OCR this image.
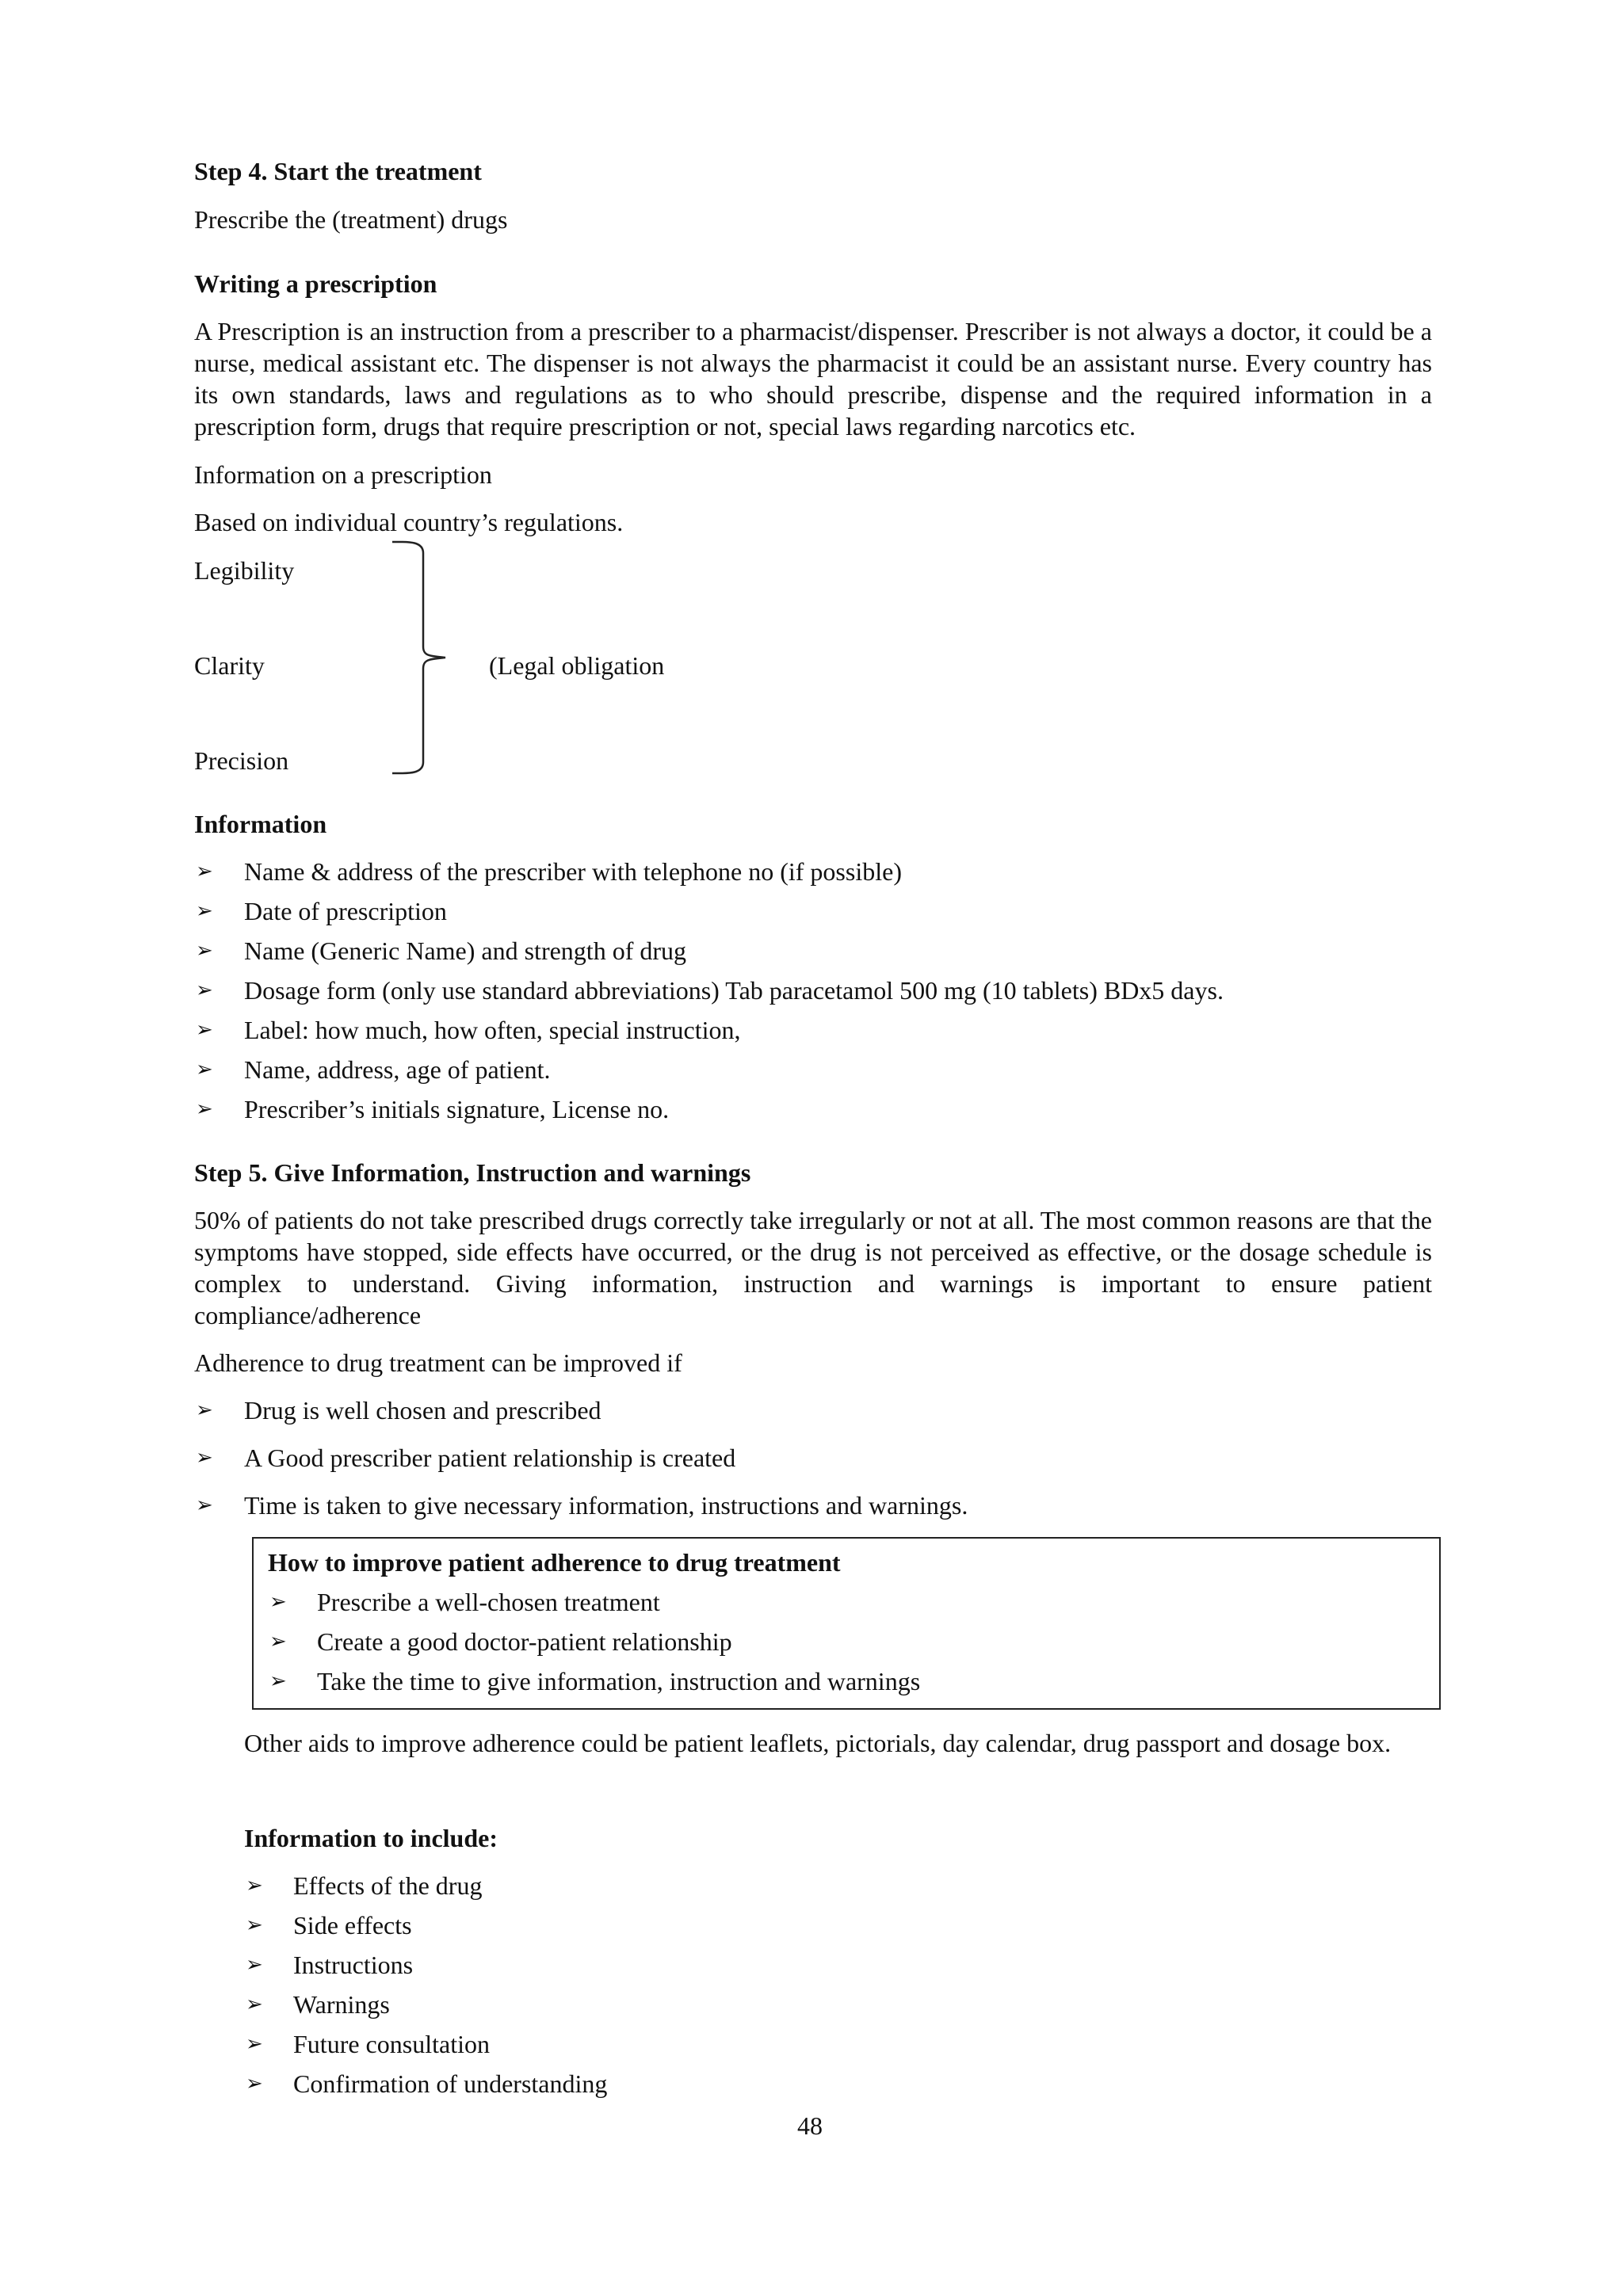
Step 4. Start the treatment

Prescribe the (treatment) drugs

Writing a prescription

A Prescription is an instruction from a prescriber to a pharmacist/dispenser. Prescriber is not always a doctor, it could be a nurse, medical assistant etc. The dispenser is not always the pharmacist it could be an assistant nurse. Every country has its own standards, laws and regulations as to who should prescribe, dispense and the required information in a prescription form, drugs that require prescription or not, special laws regarding narcotics etc.

Information on a prescription

Based on individual country’s regulations.

Legibility

Clarity

Precision

(Legal obligation

Information

➢ Name & address of the prescriber with telephone no (if possible)
➢ Date of prescription
➢ Name (Generic Name) and strength of drug
➢ Dosage form (only use standard abbreviations) Tab paracetamol 500 mg (10 tablets) BDx5 days.
➢ Label: how much, how often, special instruction,
➢ Name, address, age of patient.
➢ Prescriber’s initials signature, License no.

Step 5. Give Information, Instruction and warnings

50% of patients do not take prescribed drugs correctly take irregularly or not at all. The most common reasons are that the symptoms have stopped, side effects have occurred, or the drug is not perceived as effective, or the dosage schedule is complex to understand. Giving information, instruction and warnings is important to ensure patient compliance/adherence

Adherence to drug treatment can be improved if

➢ Drug is well chosen and prescribed
➢ A Good prescriber patient relationship is created
➢ Time is taken to give necessary information, instructions and warnings.

How to improve patient adherence to drug treatment

➢ Prescribe a well-chosen treatment
➢ Create a good doctor-patient relationship
➢ Take the time to give information, instruction and warnings

Other aids to improve adherence could be patient leaflets, pictorials, day calendar, drug passport and dosage box.

Information to include:

➢ Effects of the drug
➢ Side effects
➢ Instructions
➢ Warnings
➢ Future consultation
➢ Confirmation of understanding

48
